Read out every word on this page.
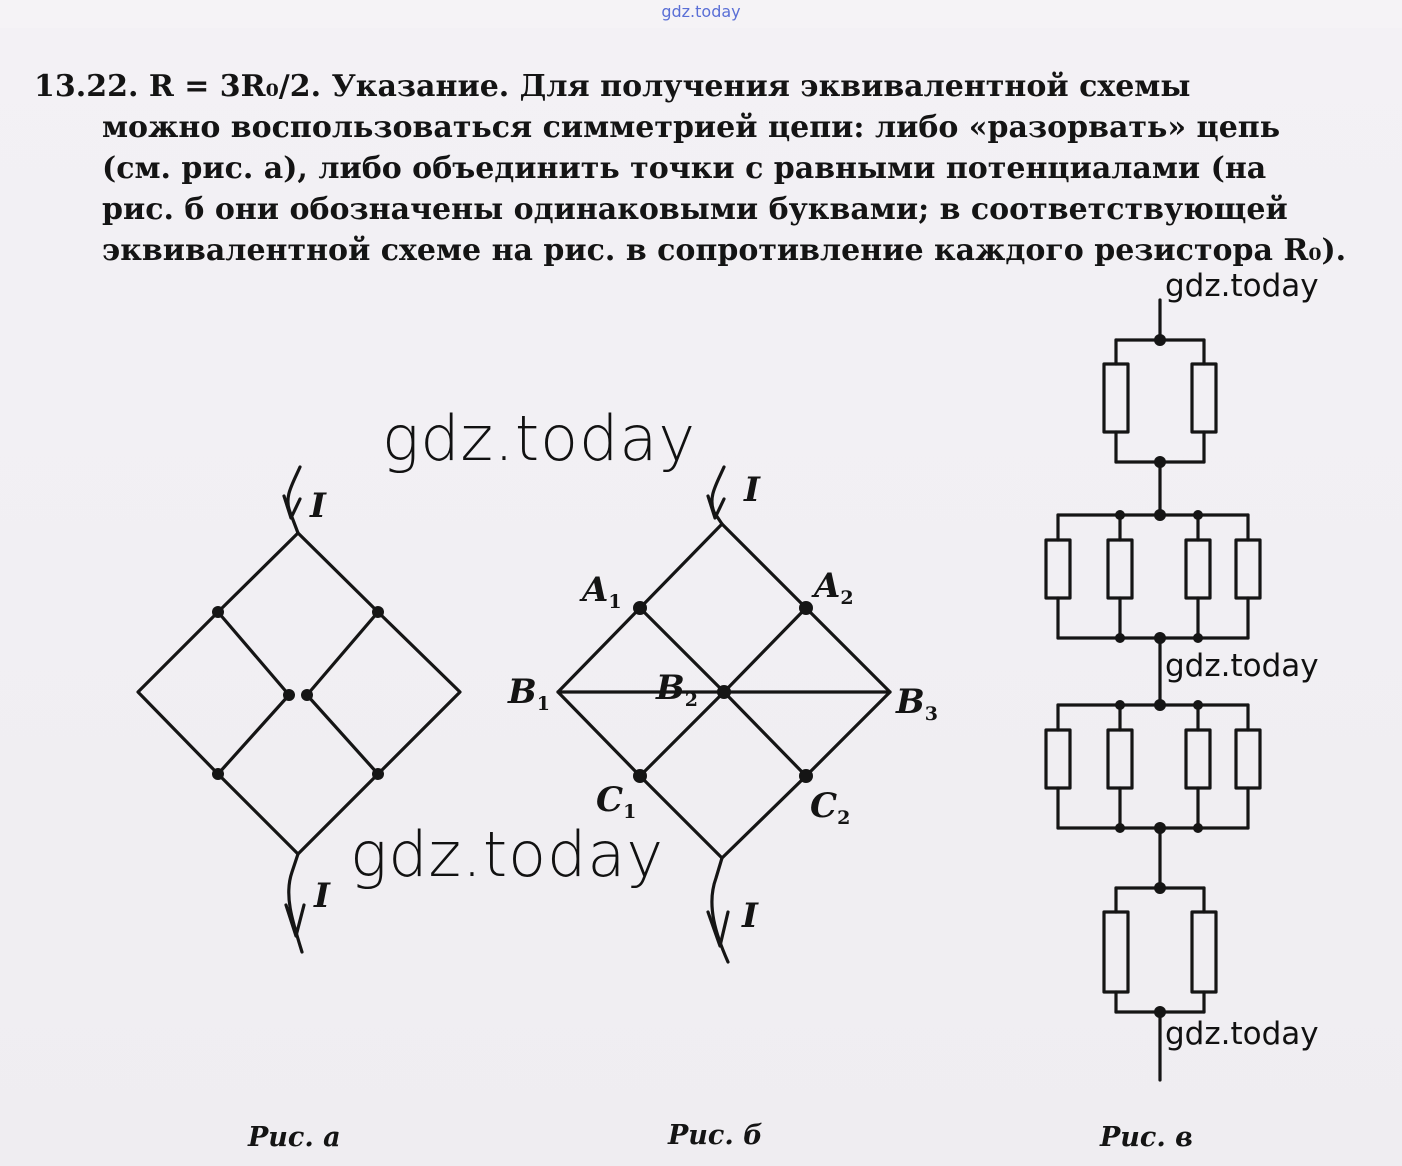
gdz.today
13.22. R = 3R₀/2. Указание. Для получения эквивалентной схемы
можно воспользоваться симметрией цепи: либо «разорвать» цепь
(см. рис. а), либо объединить точки с равными потенциалами (на
рис. б они обозначены одинаковыми буквами; в соответствующей
эквивалентной схеме на рис. в сопротивление каждого резистора R₀).
I
I
I
I
$A_1$	$A_2$
$B_1$	$B_2$	$B_3$
$C_1$	$C_2$
Рис. а	Рис. б	Рис. в
gdz.today
gdz.today
gdz.today
gdz.today
gdz.today
